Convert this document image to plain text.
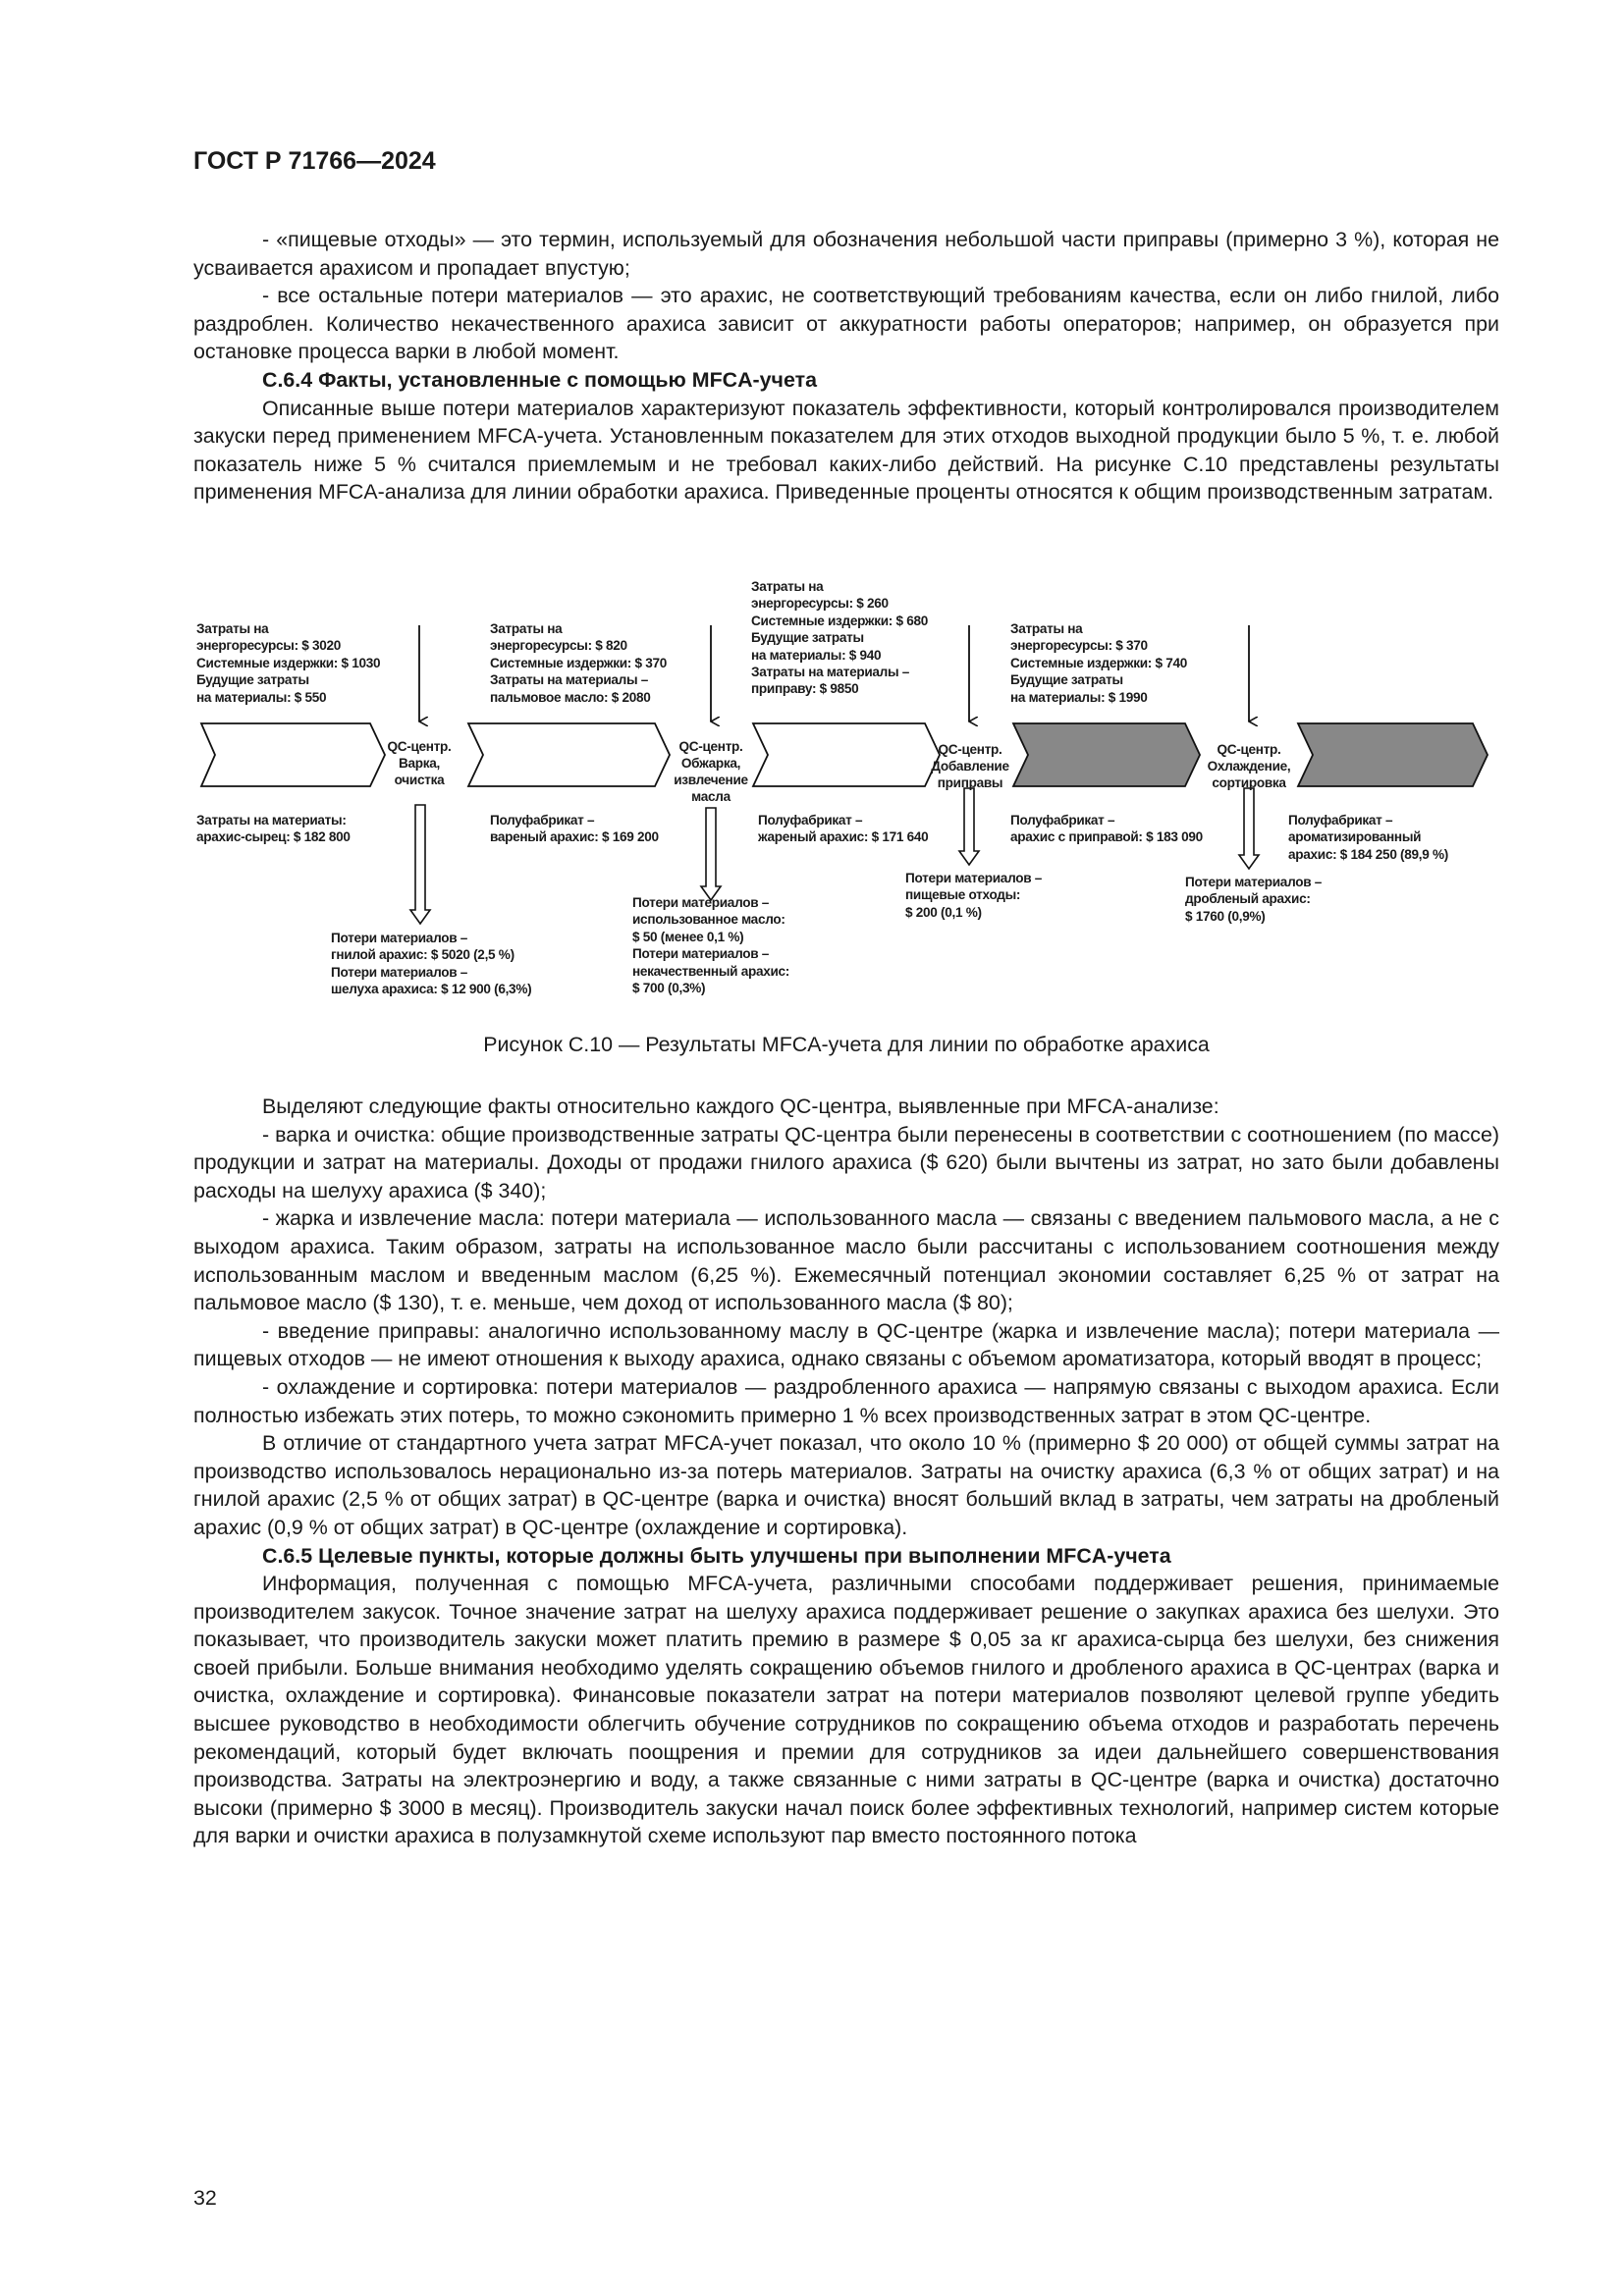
ГОСТ Р 71766—2024

- «пищевые отходы» — это термин, используемый для обозначения небольшой части приправы (примерно 3 %), которая не усваивается арахисом и пропадает впустую;

- все остальные потери материалов — это арахис, не соответствующий требованиям качества, если он либо гнилой, либо раздроблен. Количество некачественного арахиса зависит от аккуратности работы операторов; например, он образуется при остановке процесса варки в любой момент.

С.6.4 Факты, установленные с помощью MFCA-учета

Описанные выше потери материалов характеризуют показатель эффективности, который контролировался производителем закуски перед применением MFCA-учета. Установленным показателем для этих отходов выходной продукции было 5 %, т. е. любой показатель ниже 5 % считался приемлемым и не требовал каких-либо действий. На рисунке С.10 представлены результаты применения MFCA-анализа для линии обработки арахиса. Приведенные проценты относятся к общим производственным затратам.

QC-центр.
Варка,
очистка
QC-центр.
Обжарка,
извлечение
масла
QC-центр.
Добавление
приправы
QC-центр.
Охлаждение,
сортировка
Затраты на
энергоресурсы: $ 3020
Системные издержки: $ 1030
Будущие затраты
на материалы: $ 550
Затраты на
энергоресурсы: $ 820
Системные издержки: $ 370
Затраты на материалы –
пальмовое масло: $ 2080
Затраты на
энергоресурсы: $ 260
Системные издержки: $ 680
Будущие затраты
на материалы: $ 940
Затраты на материалы –
приправу: $ 9850
Затраты на
энергоресурсы: $ 370
Системные издержки: $ 740
Будущие затраты
на материалы: $ 1990
Затраты на материаты:
арахис-сырец: $ 182 800
Полуфабрикат –
вареный арахис: $ 169 200
Полуфабрикат –
жареный арахис: $ 171 640
Полуфабрикат –
арахис с приправой: $ 183 090
Полуфабрикат –
ароматизированный
арахис: $ 184 250 (89,9 %)
Потери материалов –
гнилой арахис: $ 5020 (2,5 %)
Потери материалов –
шелуха арахиса: $ 12 900 (6,3%)
Потери материалов –
использованное масло:
$ 50 (менее 0,1 %)
Потери материалов –
некачественный арахис:
$ 700 (0,3%)
Потери материалов –
пищевые отходы:
$ 200 (0,1 %)
Потери материалов –
дробленый арахис:
$ 1760 (0,9%)
Рисунок С.10 — Результаты MFCA-учета для линии по обработке арахиса

Выделяют следующие факты относительно каждого QC-центра, выявленные при MFCA-анализе:

- варка и очистка: общие производственные затраты QC-центра были перенесены в соответствии с соотношением (по массе) продукции и затрат на материалы. Доходы от продажи гнилого арахиса ($ 620) были вычтены из затрат, но зато были добавлены расходы на шелуху арахиса ($ 340);

- жарка и извлечение масла: потери материала — использованного масла — связаны с введением пальмового масла, а не с выходом арахиса. Таким образом, затраты на использованное масло были рассчитаны с использованием соотношения между использованным маслом и введенным маслом (6,25 %). Ежемесячный потенциал экономии составляет 6,25 % от затрат на пальмовое масло ($ 130), т. е. меньше, чем доход от использованного масла ($ 80);

- введение приправы: аналогично использованному маслу в QC-центре (жарка и извлечение масла); потери материала — пищевых отходов — не имеют отношения к выходу арахиса, однако связаны с объемом ароматизатора, который вводят в процесс;

- охлаждение и сортировка: потери материалов — раздробленного арахиса — напрямую связаны с выходом арахиса. Если полностью избежать этих потерь, то можно сэкономить примерно 1 % всех производственных затрат в этом QC-центре.

В отличие от стандартного учета затрат MFCA-учет показал, что около 10 % (примерно $ 20 000) от общей суммы затрат на производство использовалось нерационально из-за потерь материалов. Затраты на очистку арахиса (6,3 % от общих затрат) и на гнилой арахис (2,5 % от общих затрат) в QC-центре (варка и очистка) вносят больший вклад в затраты, чем затраты на дробленый арахис (0,9 % от общих затрат) в QC-центре (охлаждение и сортировка).

С.6.5 Целевые пункты, которые должны быть улучшены при выполнении MFCA-учета

Информация, полученная с помощью MFCA-учета, различными способами поддерживает решения, принимаемые производителем закусок. Точное значение затрат на шелуху арахиса поддерживает решение о закупках арахиса без шелухи. Это показывает, что производитель закуски может платить премию в размере $ 0,05 за кг арахиса-сырца без шелухи, без снижения своей прибыли. Больше внимания необходимо уделять сокращению объемов гнилого и дробленого арахиса в QC-центрах (варка и очистка, охлаждение и сортировка). Финансовые показатели затрат на потери материалов позволяют целевой группе убедить высшее руководство в необходимости облегчить обучение сотрудников по сокращению объема отходов и разработать перечень рекомендаций, который будет включать поощрения и премии для сотрудников за идеи дальнейшего совершенствования производства. Затраты на электроэнергию и воду, а также связанные с ними затраты в QC-центре (варка и очистка) достаточно высоки (примерно $ 3000 в месяц). Производитель закуски начал поиск более эффективных технологий, например систем которые для варки и очистки арахиса в полузамкнутой схеме используют пар вместо постоянного потока

32
